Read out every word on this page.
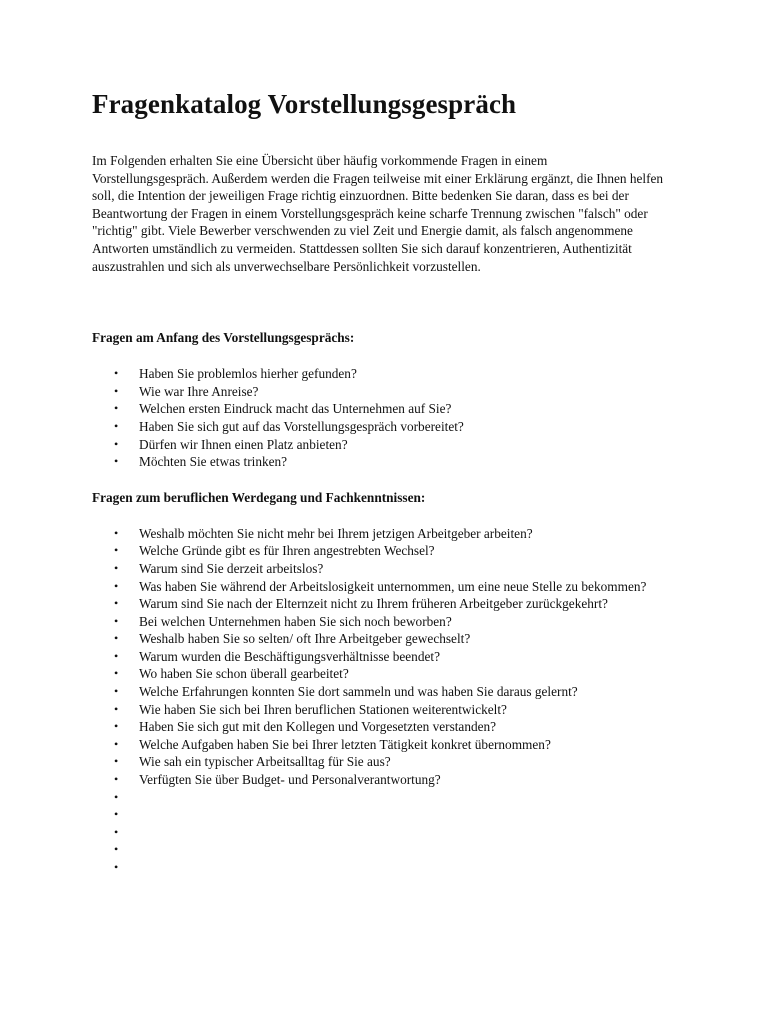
Fragenkatalog Vorstellungsgespräch

Im Folgenden erhalten Sie eine Übersicht über häufig vorkommende Fragen in einem Vorstellungsgespräch. Außerdem werden die Fragen teilweise mit einer Erklärung ergänzt, die Ihnen helfen soll, die Intention der jeweiligen Frage richtig einzuordnen. Bitte bedenken Sie daran, dass es bei der Beantwortung der Fragen in einem Vorstellungsgespräch keine scharfe Trennung zwischen "falsch" oder "richtig" gibt. Viele Bewerber verschwenden zu viel Zeit und Energie damit, als falsch angenommene Antworten umständlich zu vermeiden. Stattdessen sollten Sie sich darauf konzentrieren, Authentizität auszustrahlen und sich als unverwechselbare Persönlichkeit vorzustellen.

Fragen am Anfang des Vorstellungsgesprächs:
• Haben Sie problemlos hierher gefunden?
• Wie war Ihre Anreise?
• Welchen ersten Eindruck macht das Unternehmen auf Sie?
• Haben Sie sich gut auf das Vorstellungsgespräch vorbereitet?
• Dürfen wir Ihnen einen Platz anbieten?
• Möchten Sie etwas trinken?
Fragen zum beruflichen Werdegang und Fachkenntnissen:
• Weshalb möchten Sie nicht mehr bei Ihrem jetzigen Arbeitgeber arbeiten?
• Welche Gründe gibt es für Ihren angestrebten Wechsel?
• Warum sind Sie derzeit arbeitslos?
• Was haben Sie während der Arbeitslosigkeit unternommen, um eine neue Stelle zu bekommen?
• Warum sind Sie nach der Elternzeit nicht zu Ihrem früheren Arbeitgeber zurückgekehrt?
• Bei welchen Unternehmen haben Sie sich noch beworben?
• Weshalb haben Sie so selten/ oft Ihre Arbeitgeber gewechselt?
• Warum wurden die Beschäftigungsverhältnisse beendet?
• Wo haben Sie schon überall gearbeitet?
• Welche Erfahrungen konnten Sie dort sammeln und was haben Sie daraus gelernt?
• Wie haben Sie sich bei Ihren beruflichen Stationen weiterentwickelt?
• Haben Sie sich gut mit den Kollegen und Vorgesetzten verstanden?
• Welche Aufgaben haben Sie bei Ihrer letzten Tätigkeit konkret übernommen?
• Wie sah ein typischer Arbeitsalltag für Sie aus?
• Verfügten Sie über Budget- und Personalverantwortung?
•
•
•
•
•
